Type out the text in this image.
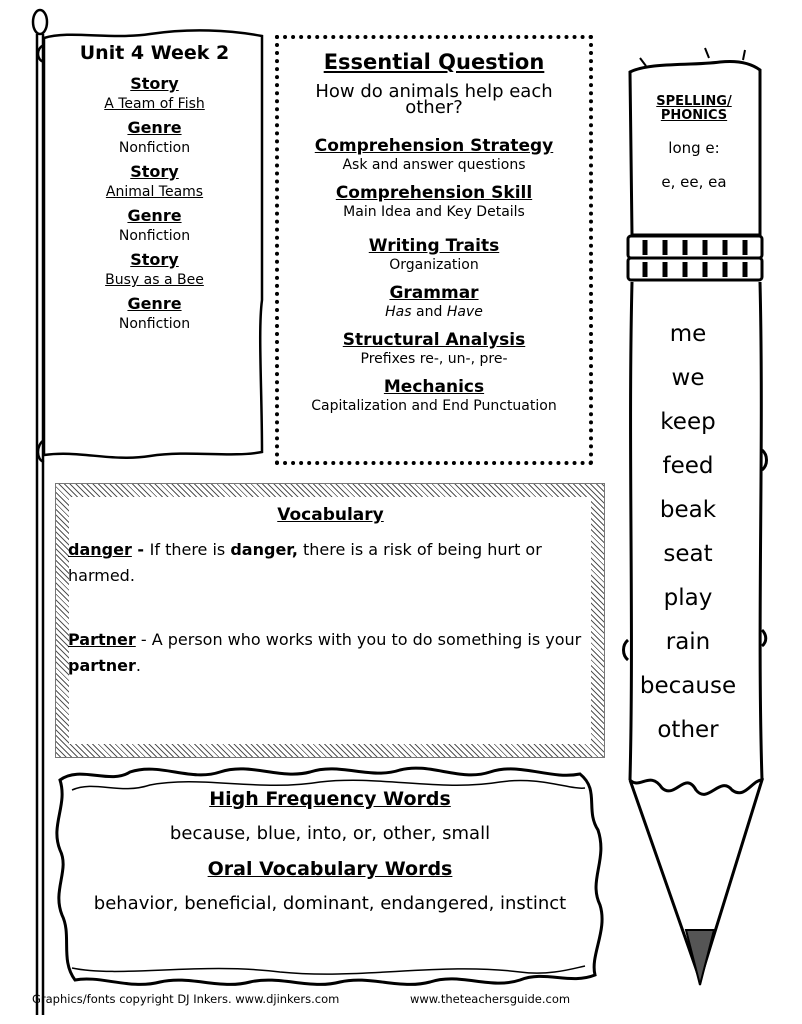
Unit 4 Week 2
Story
A Team of Fish
Genre
Nonfiction
Story
Animal Teams
Genre
Nonfiction
Story
Busy as a Bee
Genre
Nonfiction
Essential Question
How do animals help each
other?
Comprehension Strategy
Ask and answer questions
Comprehension Skill
Main Idea and Key Details
Writing Traits
Organization
Grammar
Has and Have
Structural Analysis
Prefixes re-, un-, pre-
Mechanics
Capitalization and End Punctuation
Vocabulary
danger - If there is danger, there is a risk of being hurt or harmed.
Partner - A person who works with you to do something is your partner.
High Frequency Words
because, blue, into, or, other, small
Oral Vocabulary Words
behavior, beneficial, dominant, endangered, instinct
SPELLING/
PHONICS
long e:
e, ee, ea
me
we
keep
feed
beak
seat
play
rain
because
other
Graphics/fonts copyright DJ Inkers. www.djinkers.com	www.theteachersguide.com
